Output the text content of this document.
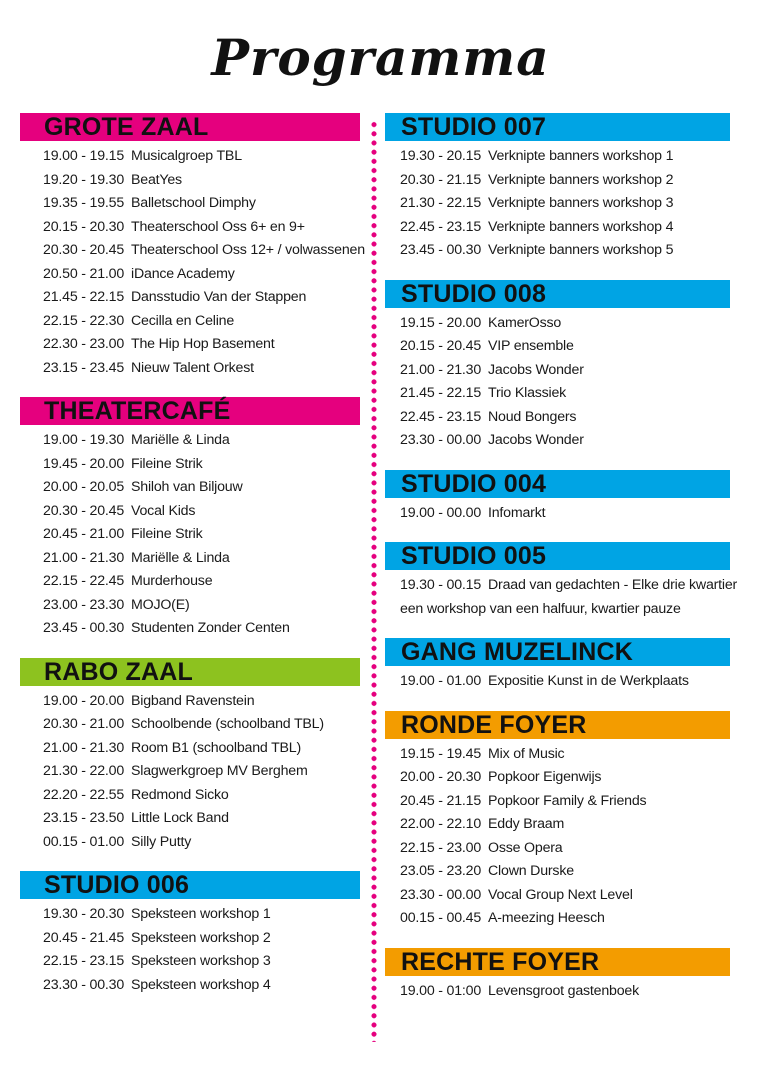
Programma
GROTE ZAAL
19.00 - 19.15 Musicalgroep TBL
19.20 - 19.30 BeatYes
19.35 - 19.55 Balletschool Dimphy
20.15 - 20.30 Theaterschool Oss 6+ en 9+
20.30 - 20.45 Theaterschool Oss 12+ / volwassenen
20.50 - 21.00 iDance Academy
21.45 - 22.15 Dansstudio Van der Stappen
22.15 - 22.30 Cecilla en Celine
22.30 - 23.00 The Hip Hop Basement
23.15 - 23.45 Nieuw Talent Orkest
THEATERCAFÉ
19.00 - 19.30 Mariëlle & Linda
19.45 - 20.00 Fileine Strik
20.00 - 20.05 Shiloh van Biljouw
20.30 - 20.45 Vocal Kids
20.45 - 21.00 Fileine Strik
21.00 - 21.30 Mariëlle & Linda
22.15 - 22.45 Murderhouse
23.00 - 23.30 MOJO(E)
23.45 - 00.30 Studenten Zonder Centen
RABO ZAAL
19.00 - 20.00 Bigband Ravenstein
20.30 - 21.00 Schoolbende (schoolband TBL)
21.00 - 21.30 Room B1 (schoolband TBL)
21.30 - 22.00 Slagwerkgroep MV Berghem
22.20 - 22.55 Redmond Sicko
23.15 - 23.50 Little Lock Band
00.15 - 01.00 Silly Putty
STUDIO 006
19.30 - 20.30 Speksteen workshop 1
20.45 - 21.45 Speksteen workshop 2
22.15 - 23.15 Speksteen workshop 3
23.30 - 00.30 Speksteen workshop 4
STUDIO 007
19.30 - 20.15 Verknipte banners workshop 1
20.30 - 21.15 Verknipte banners workshop 2
21.30 - 22.15 Verknipte banners workshop 3
22.45 - 23.15 Verknipte banners workshop 4
23.45 - 00.30 Verknipte banners workshop 5
STUDIO 008
19.15 - 20.00 KamerOsso
20.15 - 20.45 VIP ensemble
21.00 - 21.30 Jacobs Wonder
21.45 - 22.15 Trio Klassiek
22.45 - 23.15 Noud Bongers
23.30 - 00.00 Jacobs Wonder
STUDIO 004
19.00 - 00.00 Infomarkt
STUDIO 005
19.30 - 00.15 Draad van gedachten - Elke drie kwartier
een workshop van een halfuur, kwartier pauze
GANG MUZELINCK
19.00 - 01.00 Expositie Kunst in de Werkplaats
RONDE FOYER
19.15 - 19.45 Mix of Music
20.00 - 20.30 Popkoor Eigenwijs
20.45 - 21.15 Popkoor Family & Friends
22.00 - 22.10 Eddy Braam
22.15 - 23.00 Osse Opera
23.05 - 23.20 Clown Durske
23.30 - 00.00 Vocal Group Next Level
00.15 - 00.45 A-meezing Heesch
RECHTE FOYER
19.00 - 01:00 Levensgroot gastenboek
